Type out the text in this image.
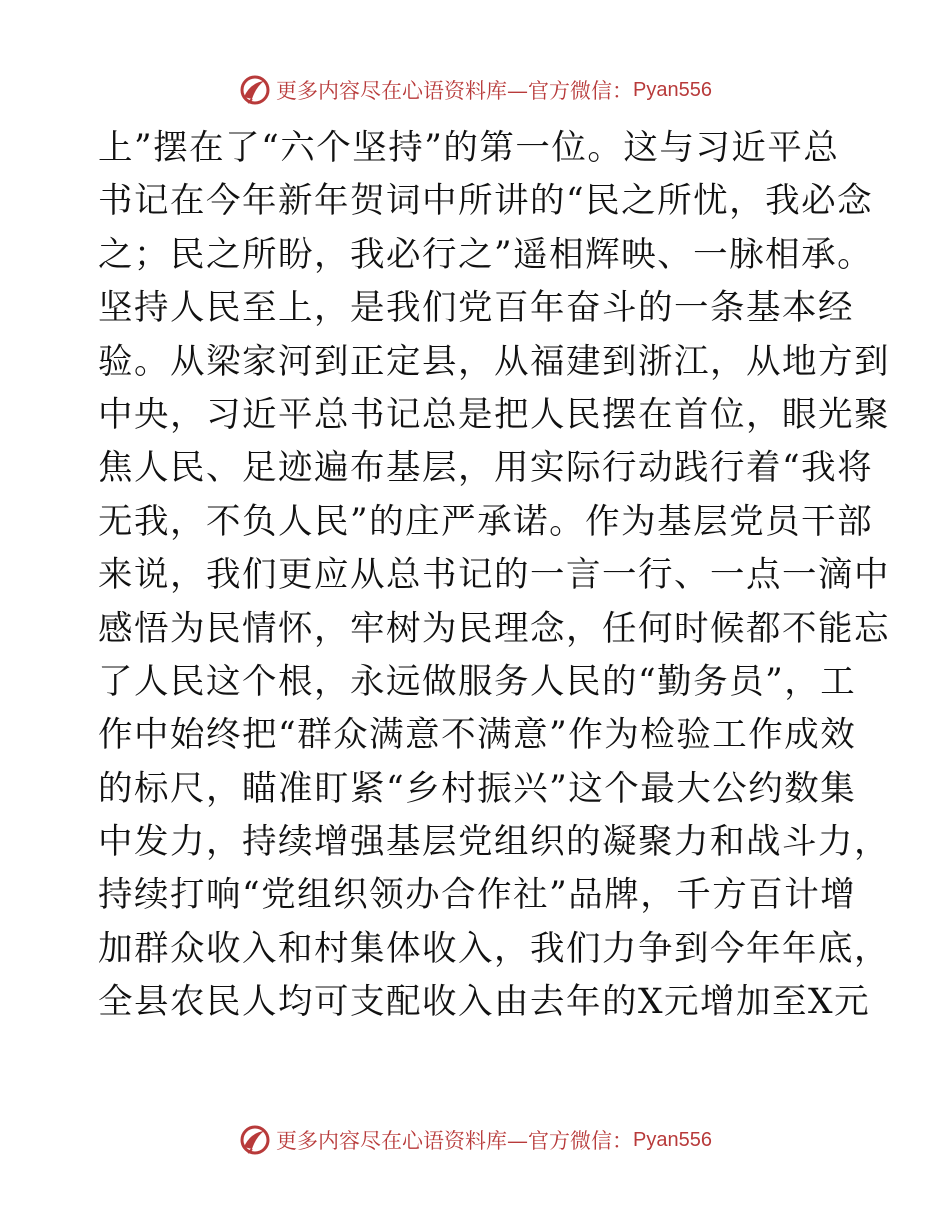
更多内容尽在心语资料库—官方微信： Pyan556
上”摆在了“六个坚持”的第一位。这与习近平总
书记在今年新年贺词中所讲的“民之所忧，我必念
之；民之所盼，我必行之”遥相辉映、一脉相承。
坚持人民至上，是我们党百年奋斗的一条基本经
验。从梁家河到正定县，从福建到浙江，从地方到
中央，习近平总书记总是把人民摆在首位，眼光聚
焦人民、足迹遍布基层，用实际行动践行着“我将
无我，不负人民”的庄严承诺。作为基层党员干部
来说，我们更应从总书记的一言一行、一点一滴中
感悟为民情怀，牢树为民理念，任何时候都不能忘
了人民这个根，永远做服务人民的“勤务员”，工
作中始终把“群众满意不满意”作为检验工作成效
的标尺，瞄准盯紧“乡村振兴”这个最大公约数集
中发力，持续增强基层党组织的凝聚力和战斗力，
持续打响“党组织领办合作社”品牌，千方百计增
加群众收入和村集体收入，我们力争到今年年底，
全县农民人均可支配收入由去年的X元增加至X元
更多内容尽在心语资料库—官方微信： Pyan556
